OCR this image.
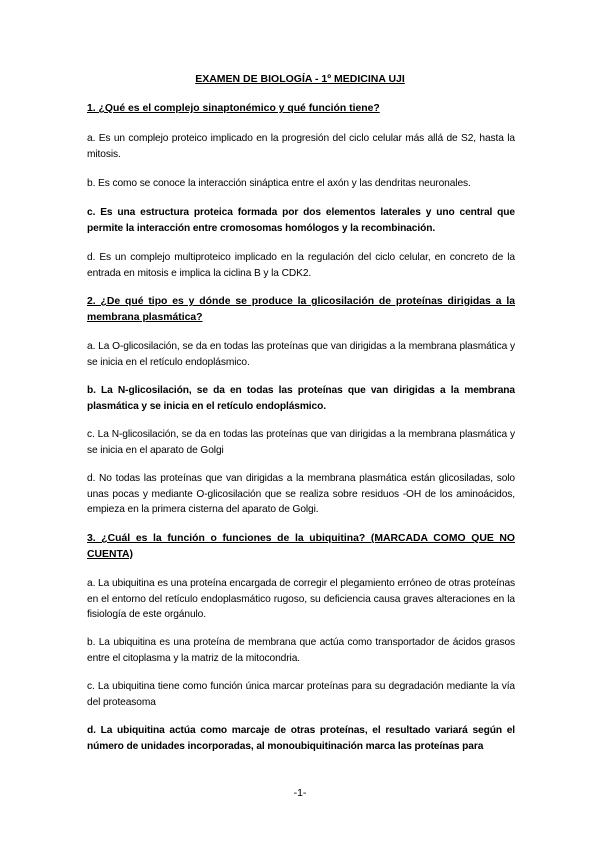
EXAMEN DE BIOLOGÍA - 1º MEDICINA UJI

1. ¿Qué es el complejo sinaptonémico y qué función tiene?

a. Es un complejo proteico implicado en la progresión del ciclo celular más allá de S2, hasta la mitosis.

b. Es como se conoce la interacción sináptica entre el axón y las dendritas neuronales.

c. Es una estructura proteica formada por dos elementos laterales y uno central que permite la interacción entre cromosomas homólogos y la recombinación.

d. Es un complejo multiproteico implicado en la regulación del ciclo celular, en concreto de la entrada en mitosis e implica la ciclina B y la CDK2.

2. ¿De qué tipo es y dónde se produce la glicosilación de proteínas dirigidas a la membrana plasmática?

a. La O-glicosilación, se da en todas las proteínas que van dirigidas a la membrana plasmática y se inicia en el retículo endoplásmico.

b. La N-glicosilación, se da en todas las proteínas que van dirigidas a la membrana plasmática y se inicia en el retículo endoplásmico.

c. La N-glicosilación, se da en todas las proteínas que van dirigidas a la membrana plasmática y se inicia en el aparato de Golgi

d. No todas las proteínas que van dirigidas a la membrana plasmática están glicosiladas, solo unas pocas y mediante O-glicosilación que se realiza sobre residuos -OH de los aminoácidos, empieza en la primera cisterna del aparato de Golgi.

3. ¿Cuál es la función o funciones de la ubiquitina? (MARCADA COMO QUE NO CUENTA)

a. La ubiquitina es una proteína encargada de corregir el plegamiento erróneo de otras proteínas en el entorno del retículo endoplasmático rugoso, su deficiencia causa graves alteraciones en la fisiología de este orgánulo.

b. La ubiquitina es una proteína de membrana que actúa como transportador de ácidos grasos entre el citoplasma y la matriz de la mitocondria.

c. La ubiquitina tiene como función única marcar proteínas para su degradación mediante la vía del proteasoma

d. La ubiquitina actúa como marcaje de otras proteínas, el resultado variará según el número de unidades incorporadas, al monoubiquitinación marca las proteínas para

-1-
